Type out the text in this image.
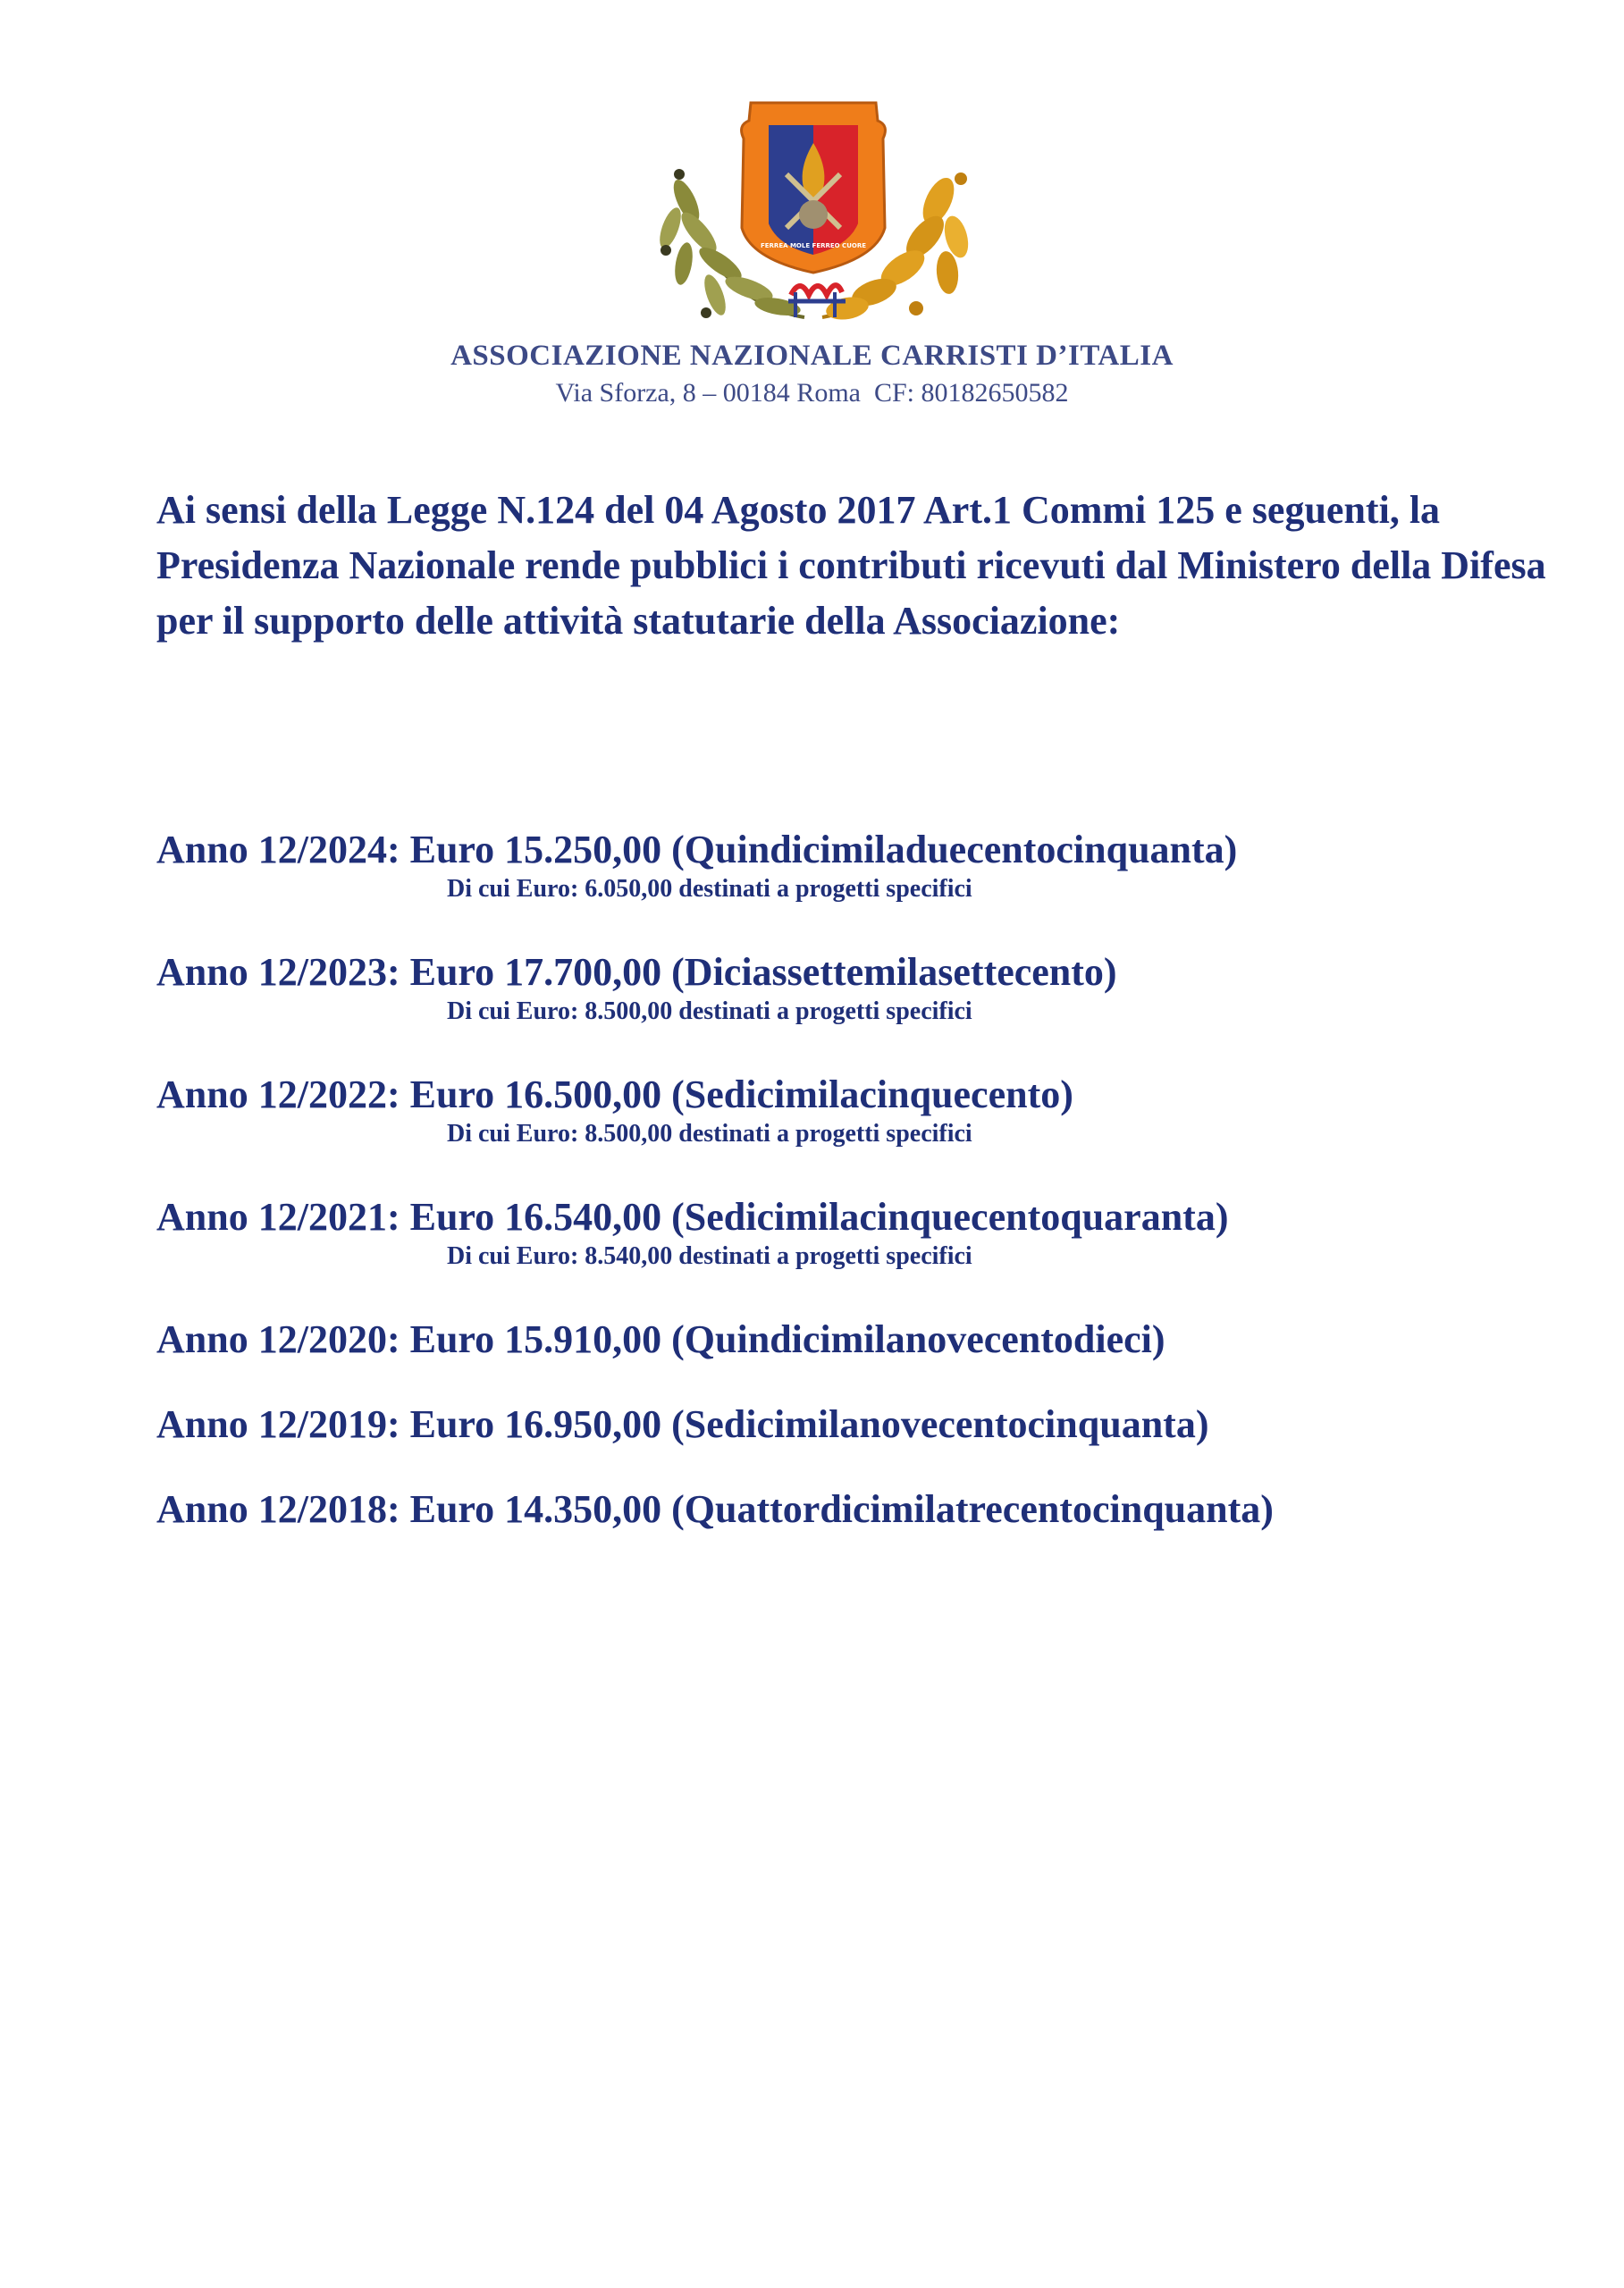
FERREA MOLE FERREO CUORE
ASSOCIAZIONE NAZIONALE CARRISTI D’ITALIA
Via Sforza, 8 – 00184 Roma  CF: 80182650582
Ai sensi della Legge N.124 del 04 Agosto 2017 Art.1 Commi 125 e seguenti, la Presidenza Nazionale rende pubblici i contributi ricevuti dal Ministero della Difesa per il supporto delle attività statutarie della Associazione:
Anno 12/2024: Euro 15.250,00 (Quindicimiladuecentocinquanta)
Di cui Euro: 6.050,00 destinati a progetti specifici
Anno 12/2023: Euro 17.700,00 (Diciassettemilasettecento)
Di cui Euro: 8.500,00 destinati a progetti specifici
Anno 12/2022: Euro 16.500,00 (Sedicimilacinquecento)
Di cui Euro: 8.500,00 destinati a progetti specifici
Anno 12/2021: Euro 16.540,00 (Sedicimilacinquecentoquaranta)
Di cui Euro: 8.540,00 destinati a progetti specifici
Anno 12/2020: Euro 15.910,00 (Quindicimilanovecentodieci)
Anno 12/2019: Euro 16.950,00 (Sedicimilanovecentocinquanta)
Anno 12/2018: Euro 14.350,00 (Quattordicimilatrecentocinquanta)
